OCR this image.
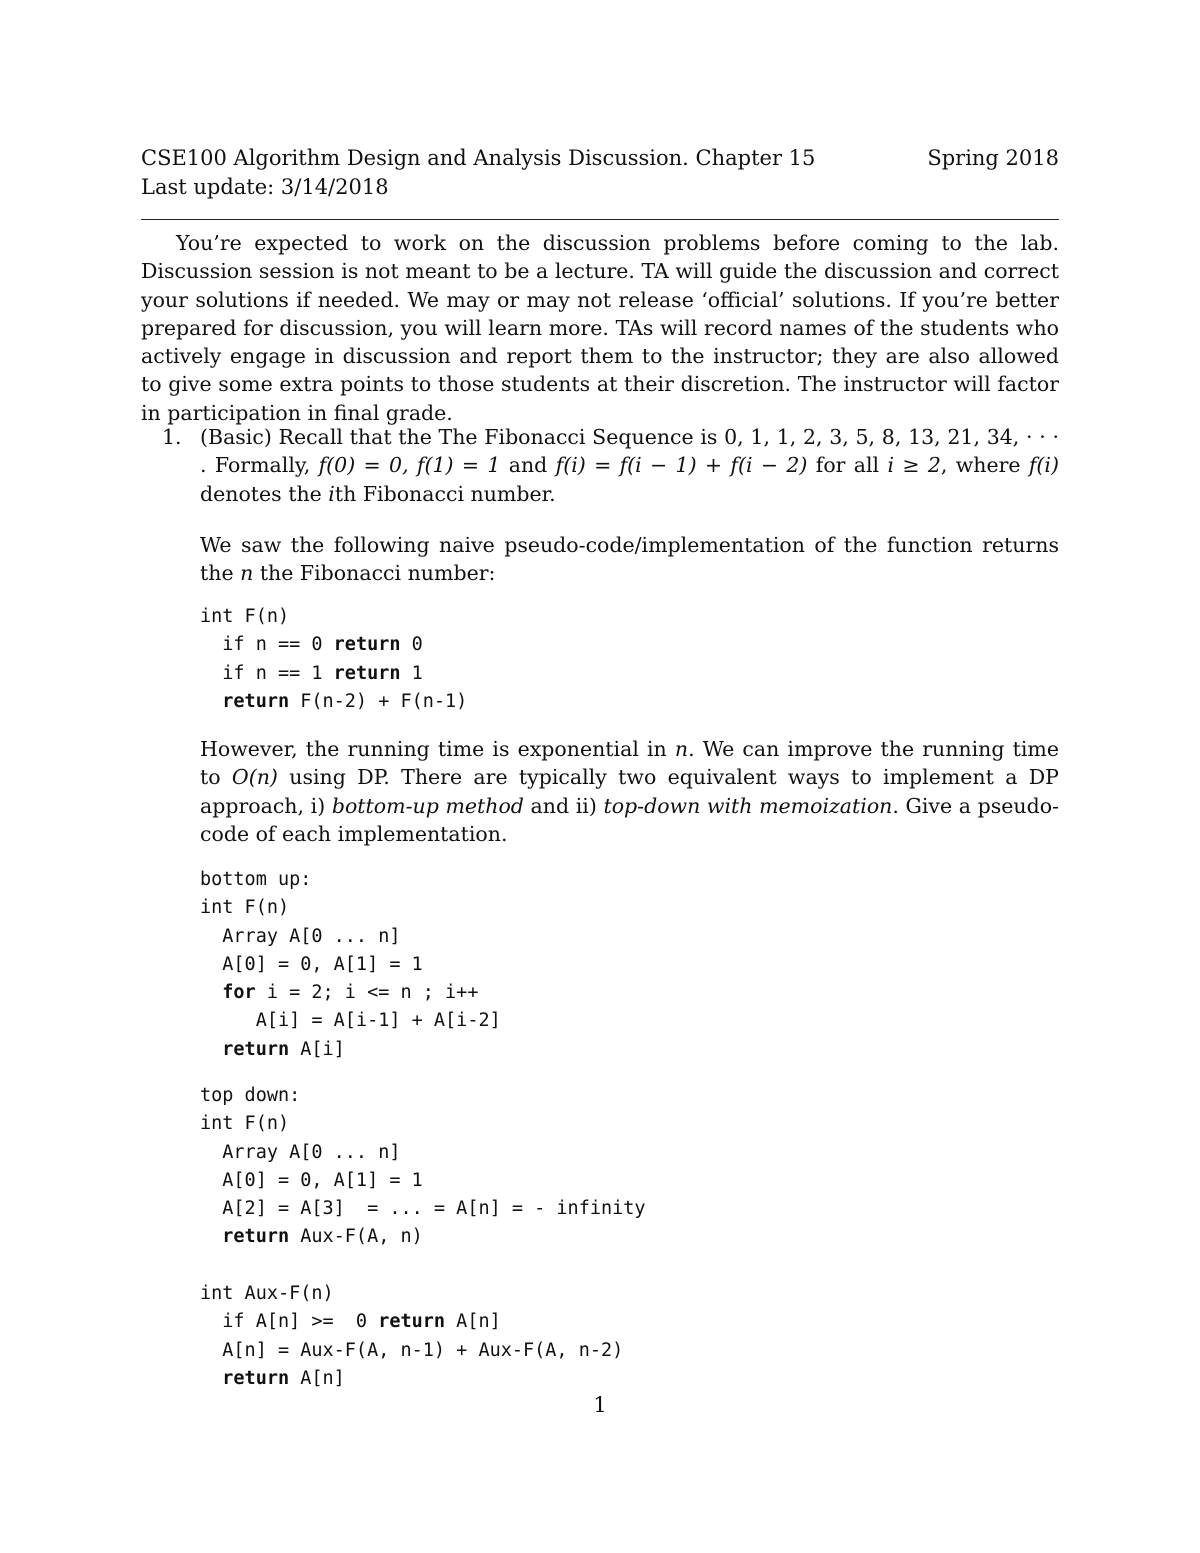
CSE100 Algorithm Design and Analysis Discussion. Chapter 15	Spring 2018
Last update: 3/14/2018

You’re expected to work on the discussion problems before coming to the lab. Discussion session is not meant to be a lecture. TA will guide the discussion and correct your solutions if needed. We may or may not release ‘official’ solutions. If you’re better prepared for discussion, you will learn more. TAs will record names of the students who actively engage in discussion and report them to the instructor; they are also allowed to give some extra points to those students at their discretion. The instructor will factor in participation in final grade.

1. (Basic) Recall that the The Fibonacci Sequence is 0, 1, 1, 2, 3, 5, 8, 13, 21, 34, · · · . Formally, f(0) = 0, f(1) = 1 and f(i) = f(i − 1) + f(i − 2) for all i ≥ 2, where f(i) denotes the ith Fibonacci number.

We saw the following naive pseudo-code/implementation of the function returns the n the Fibonacci number:

int F(n)
if n == 0 return 0
if n == 1 return 1
return F(n-2) + F(n-1)

However, the running time is exponential in n. We can improve the running time to O(n) using DP. There are typically two equivalent ways to implement a DP approach, i) bottom-up method and ii) top-down with memoization. Give a pseudo-code of each implementation.

bottom up:
int F(n)
Array A[0 ... n]
A[0] = 0, A[1] = 1
for i = 2; i <= n ; i++
A[i] = A[i-1] + A[i-2]
return A[i]
top down:
int F(n)
Array A[0 ... n]
A[0] = 0, A[1] = 1
A[2] = A[3]  = ... = A[n] = - infinity
return Aux-F(A, n)
int Aux-F(n)
if A[n] >=  0 return A[n]
A[n] = Aux-F(A, n-1) + Aux-F(A, n-2)
return A[n]
1
